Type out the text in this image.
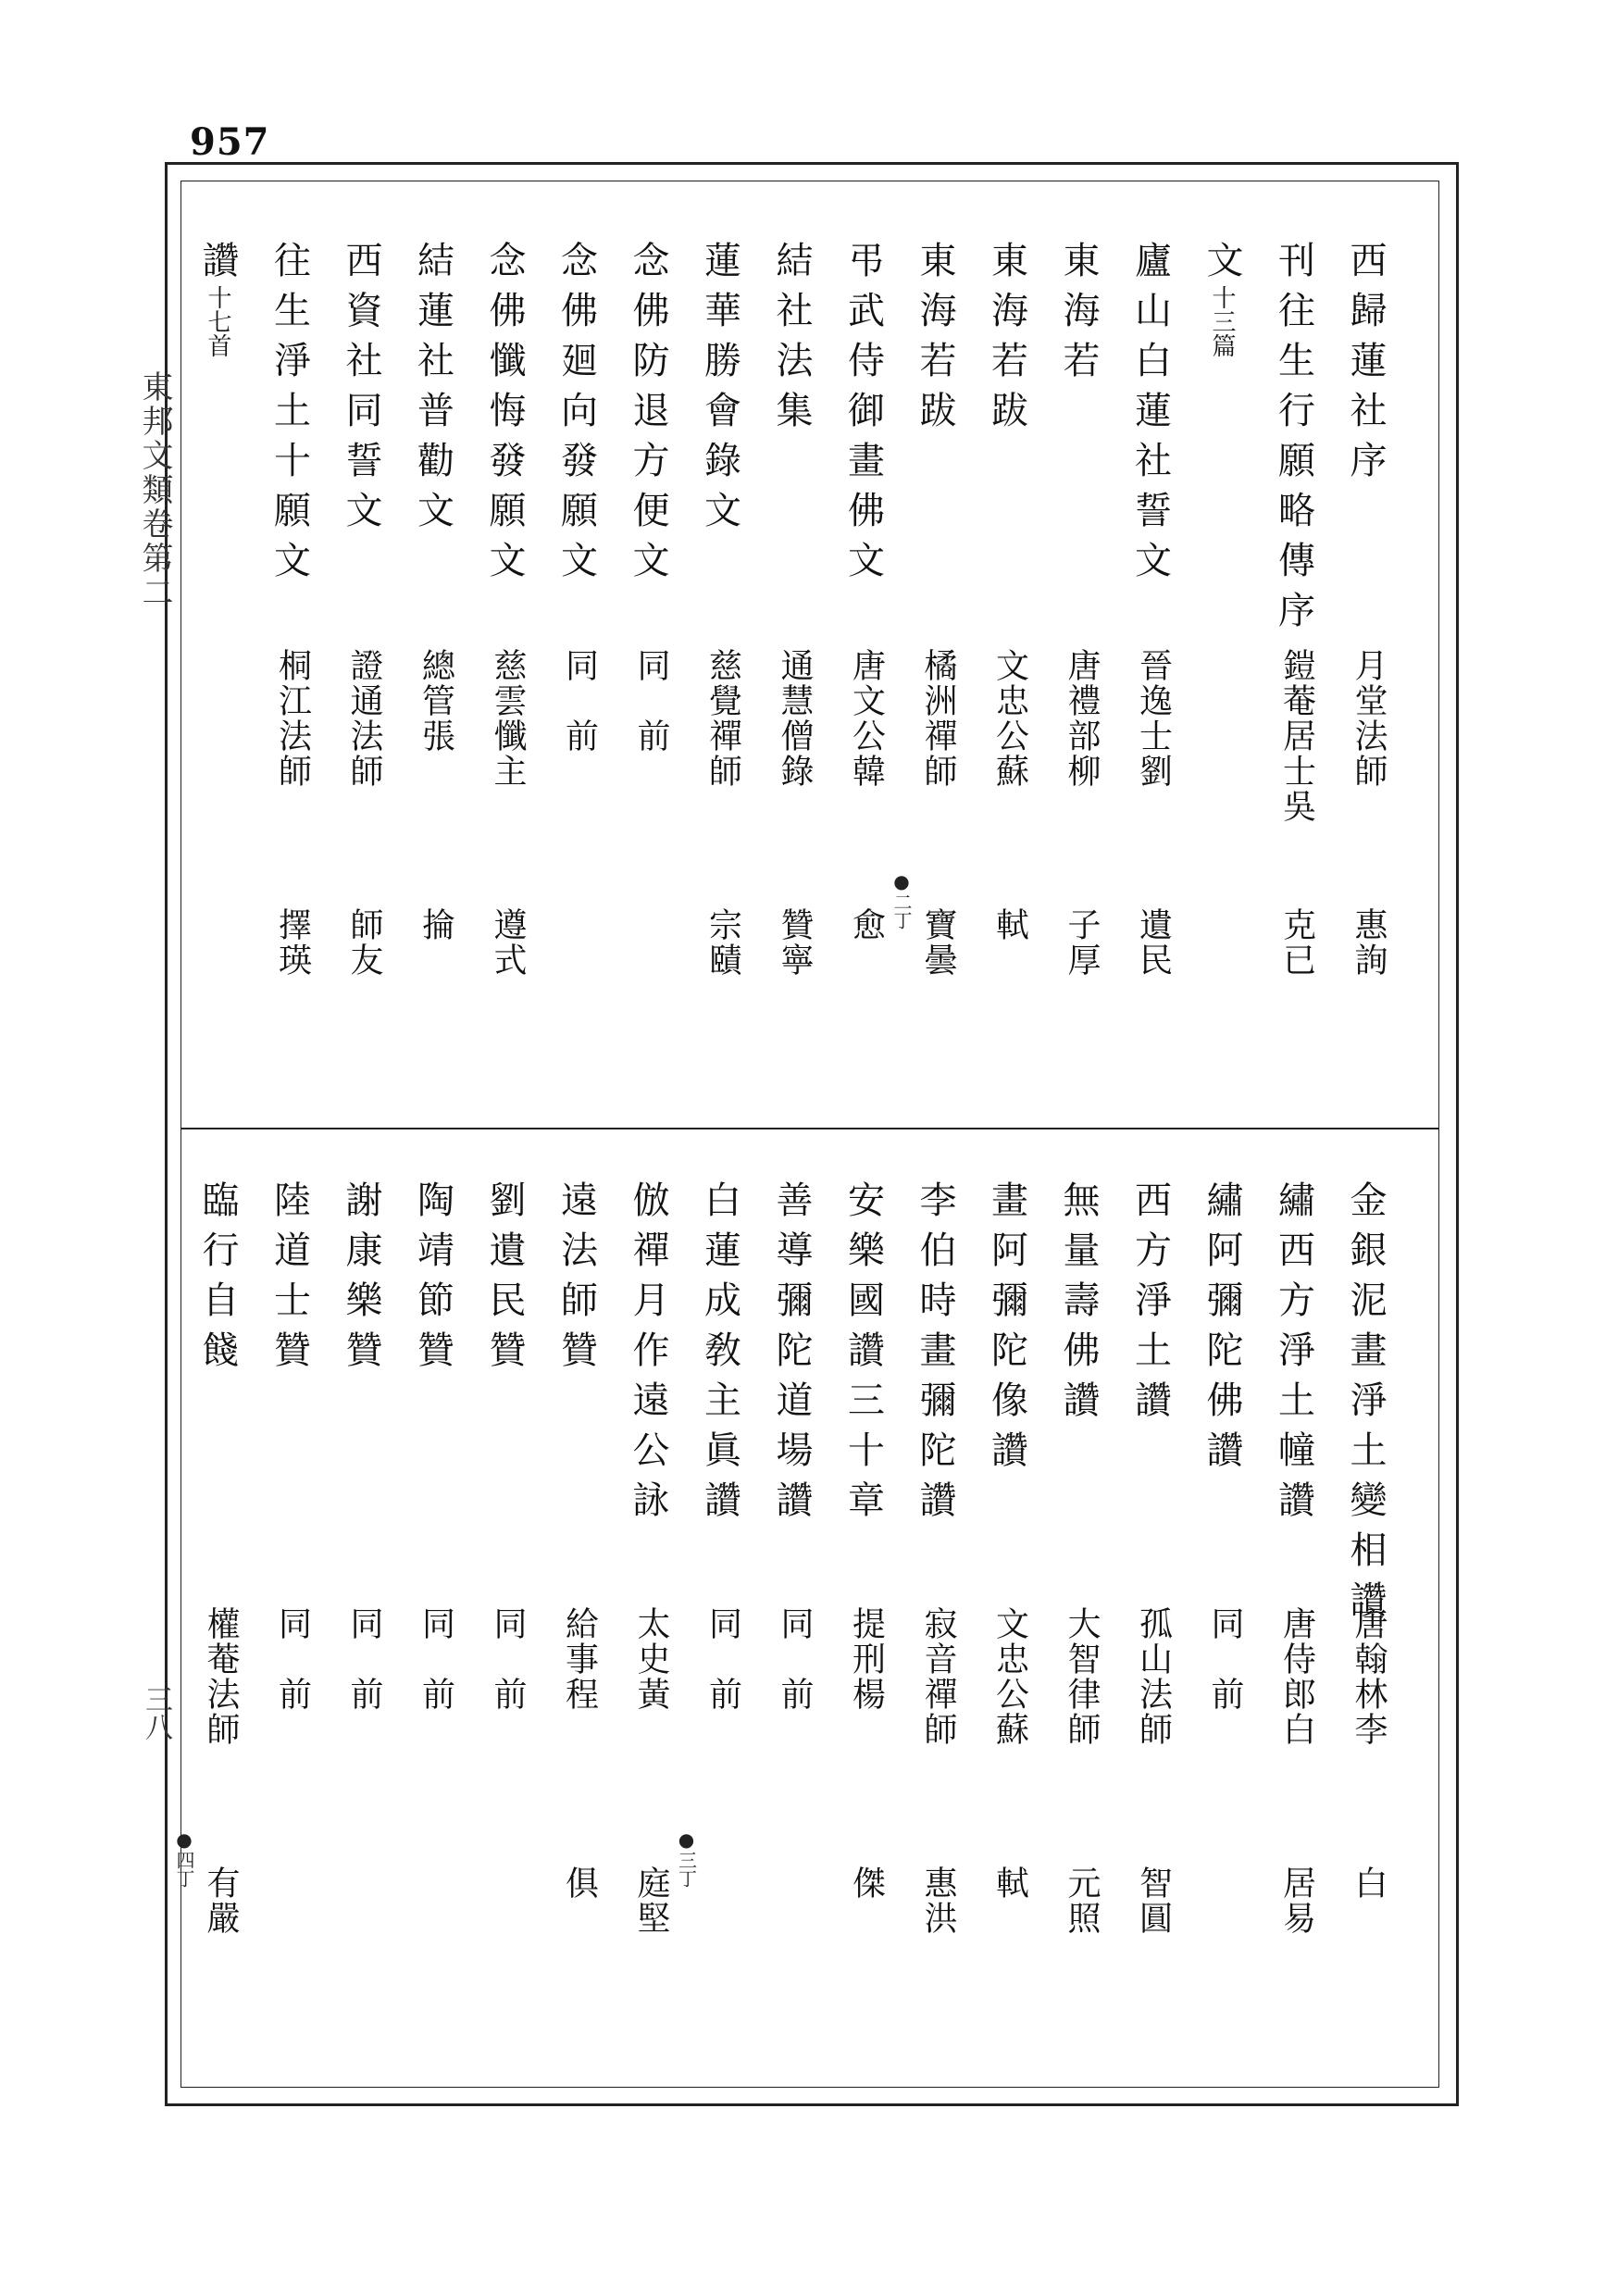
957
東邦文類卷第二
三八
西歸蓮社序
月堂法師
惠詢
刊往生行願略傳序
鎧菴居士吳
克已
文 十三篇
廬山白蓮社誓文
晉逸士劉
遺民
東海若
唐禮部柳
子厚
東海若跋
文忠公蘇
軾
東海若跋
橘洲禪師
寶曇
●二丁
弔武侍御畫佛文
唐文公韓
愈
結社法集
通慧僧錄
贊寧
蓮華勝會錄文
慈覺禪師
宗賾
念佛防退方便文
同　前
念佛廻向發願文
同　前
念佛懺悔發願文
慈雲懺主
遵式
結蓮社普勸文
總管張
掄
西資社同誓文
證通法師
師友
往生淨土十願文
桐江法師
擇瑛
讚 十七首
金銀泥畫淨土變相讚
唐翰林李
白
繡西方淨土幢讚
唐侍郎白
居易
繡阿彌陀佛讚
同　前
西方淨土讚
孤山法師
智圓
無量壽佛讚
大智律師
元照
畫阿彌陀像讚
文忠公蘇
軾
李伯時畫彌陀讚
寂音禪師
惠洪
安樂國讚三十章
提刑楊
傑
善導彌陀道場讚
同　前
白蓮成敎主眞讚
同　前
●三丁
倣禪月作遠公詠
太史黃
庭堅
遠法師贊
給事程
俱
劉遺民贊
同　前
陶靖節贊
同　前
謝康樂贊
同　前
陸道士贊
同　前
臨行自餞
權菴法師
有嚴
●四丁
